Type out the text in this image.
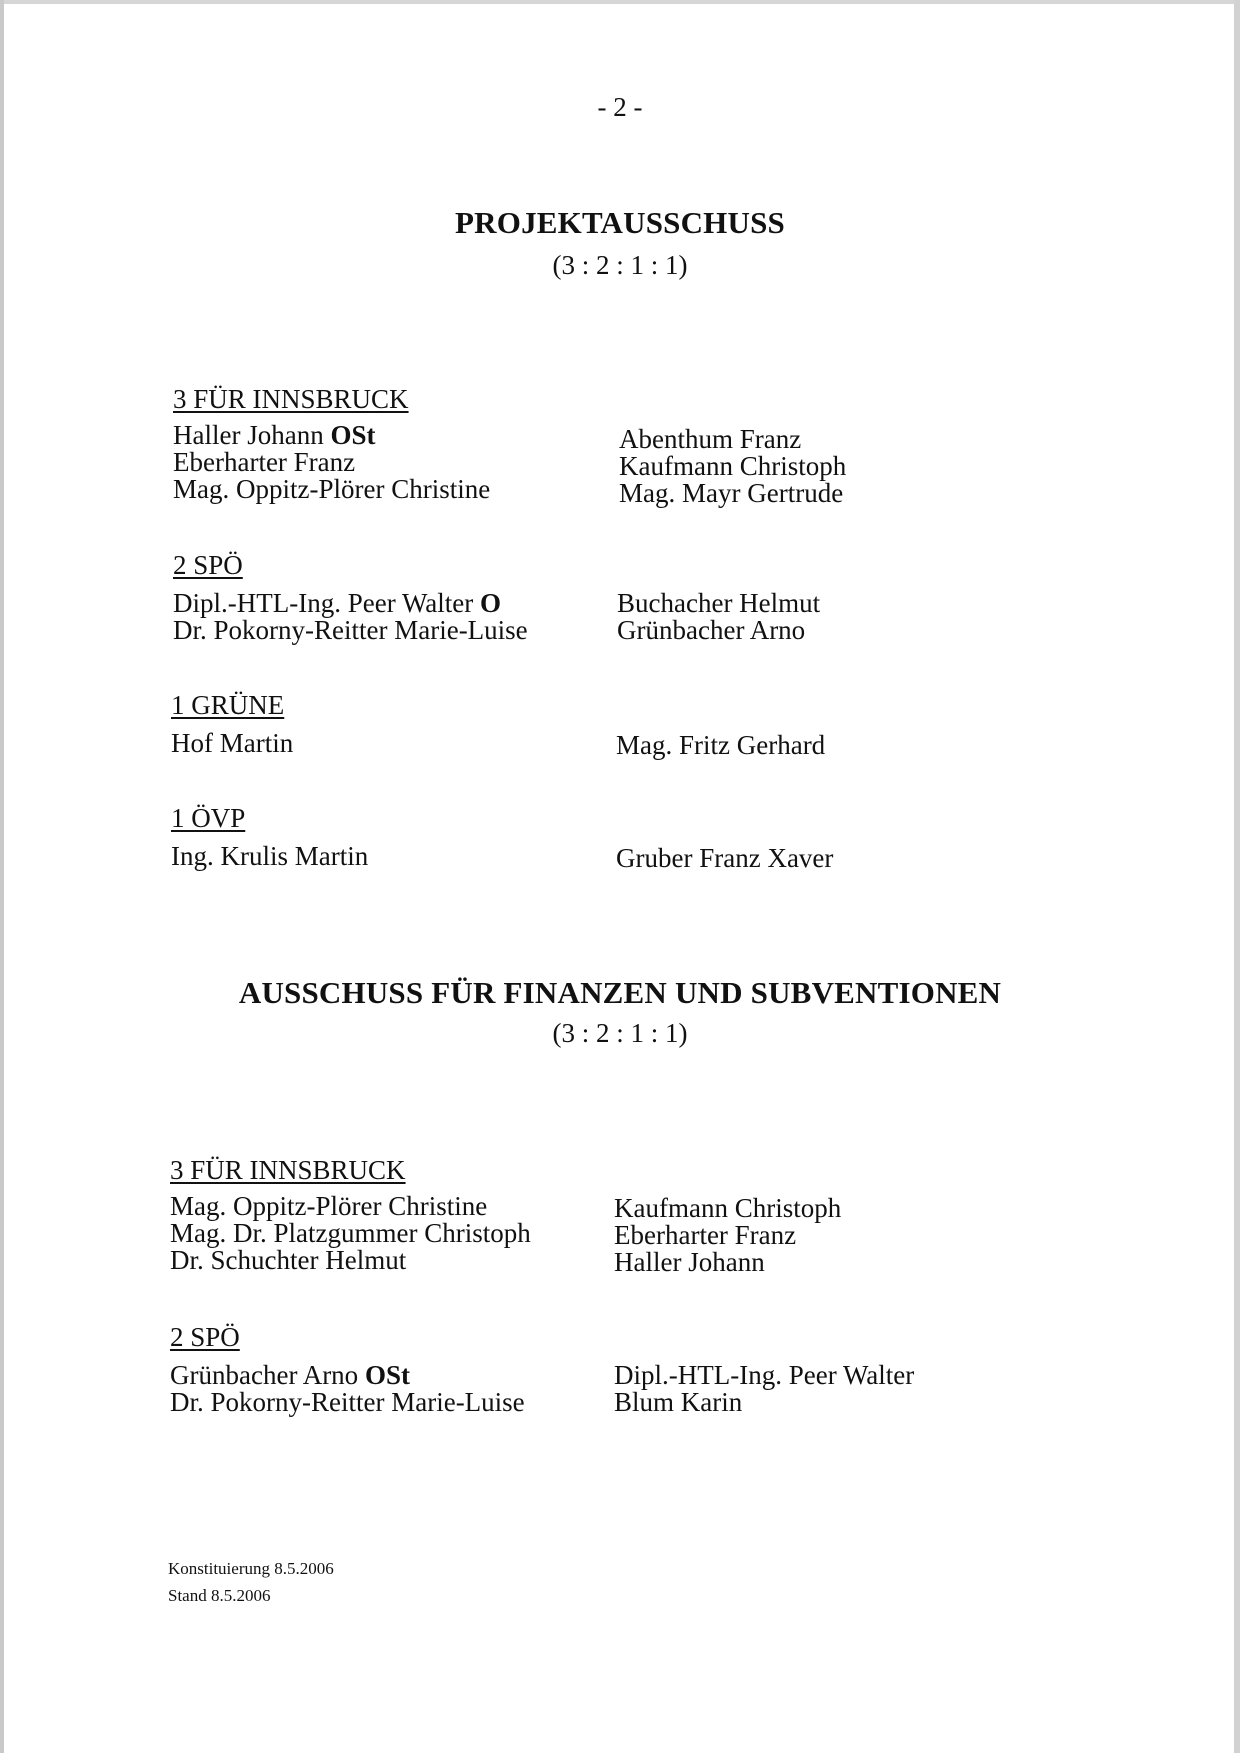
- 2 -
PROJEKTAUSSCHUSS
(3 : 2 : 1 : 1)
3 FÜR INNSBRUCK
Haller Johann OSt
Eberharter Franz
Mag. Oppitz-Plörer Christine
Abenthum Franz
Kaufmann Christoph
Mag. Mayr Gertrude
2 SPÖ
Dipl.-HTL-Ing. Peer Walter O
Dr. Pokorny-Reitter Marie-Luise
Buchacher Helmut
Grünbacher Arno
1 GRÜNE
Hof Martin	Mag. Fritz Gerhard
1 ÖVP
Ing. Krulis Martin	Gruber Franz Xaver
AUSSCHUSS FÜR FINANZEN UND SUBVENTIONEN
(3 : 2 : 1 : 1)
3 FÜR INNSBRUCK
Mag. Oppitz-Plörer Christine
Mag. Dr. Platzgummer Christoph
Dr. Schuchter Helmut
Kaufmann Christoph
Eberharter Franz
Haller Johann
2 SPÖ
Grünbacher Arno OSt
Dr. Pokorny-Reitter Marie-Luise
Dipl.-HTL-Ing. Peer Walter
Blum Karin
Konstituierung 8.5.2006
Stand 8.5.2006
